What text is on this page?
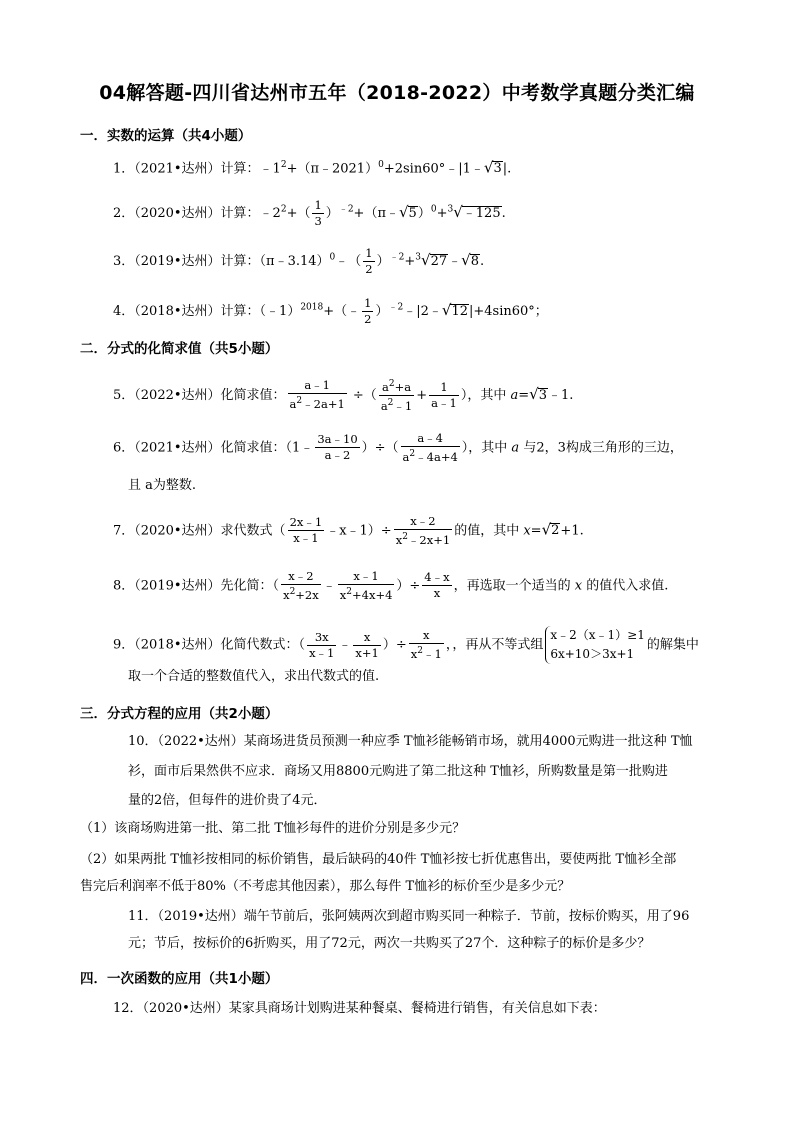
04解答题-四川省达州市五年（2018-2022）中考数学真题分类汇编
一．实数的运算（共4小题）
1．（2021•达州）计算：$﹣1^2+(\pi﹣2021)^0+2\sin 60^\circ﹣|1﹣√3|$.
2．（2020•达州）计算：$﹣2^2+( \frac{1}{3}$ ）$^{﹣2}$+（π﹣√5）$^0$+$^3$√﹣125.
3．（2019•达州）计算：（π﹣3.14）$^0$﹣（ $\frac{1}{2}$ ）$^{﹣2}$+$^3$√27﹣√8.
4．（2018•达州）计算：（﹣1）$^{2018}$+（﹣ $\frac{1}{2}$ ）$^{﹣2}$﹣|2﹣√12|+4sin60°；
二．分式的化简求值（共5小题）
5．（2022•达州）化简求值： $\frac{a﹣1}{a^2﹣2a+1}$ ÷（ $\frac{a^2+a}{a^2﹣1} + \frac{1}{a﹣1}$ ），其中 a=√3﹣1.
6．（2021•达州）化简求值：（1﹣ $\frac{3a﹣10}{a﹣2}$ ）÷（ $\frac{a﹣4}{a^2﹣4a+4}$ ），其中 a 与2，3构成三角形的三边，
且 a为整数.
7．（2020•达州）求代数式（ $\frac{2x﹣1}{x﹣1}$ ﹣x﹣1）÷ $\frac{x﹣2}{x^2﹣2x+1}$ 的值，其中 x=√2+1.
8．（2019•达州）先化简：（ $\frac{x﹣2}{x^2+2x}$ ﹣ $\frac{x﹣1}{x^2+4x+4}$ ）÷ $\frac{4﹣x}{x}$ ，再选取一个适当的 x 的值代入求值.
9．（2018•达州）化简代数式：（ $\frac{3x}{x﹣1}$ ﹣ $\frac{x}{x+1}$ ）÷ $\frac{x}{x^2﹣1}$ ，，再从不等式组
x﹣2（x﹣1）≥1
6x+10＞3x+1
的解集中
取一个合适的整数值代入，求出代数式的值.
三．分式方程的应用（共2小题）
10．（2022•达州）某商场进货员预测一种应季 T恤衫能畅销市场，就用4000元购进一批这种 T恤
衫，面市后果然供不应求．商场又用8800元购进了第二批这种 T恤衫，所购数量是第一批购进
量的2倍，但每件的进价贵了4元．
（1）该商场购进第一批、第二批 T恤衫每件的进价分别是多少元？
（2）如果两批 T恤衫按相同的标价销售，最后缺码的40件 T恤衫按七折优惠售出，要使两批 T恤衫全部
售完后利润率不低于80%（不考虑其他因素），那么每件 T恤衫的标价至少是多少元？
11．（2019•达州）端午节前后，张阿姨两次到超市购买同一种粽子．节前，按标价购买，用了96
元；节后，按标价的6折购买，用了72元，两次一共购买了27个．这种粽子的标价是多少？
四．一次函数的应用（共1小题）
12．（2020•达州）某家具商场计划购进某种餐桌、餐椅进行销售，有关信息如下表：
